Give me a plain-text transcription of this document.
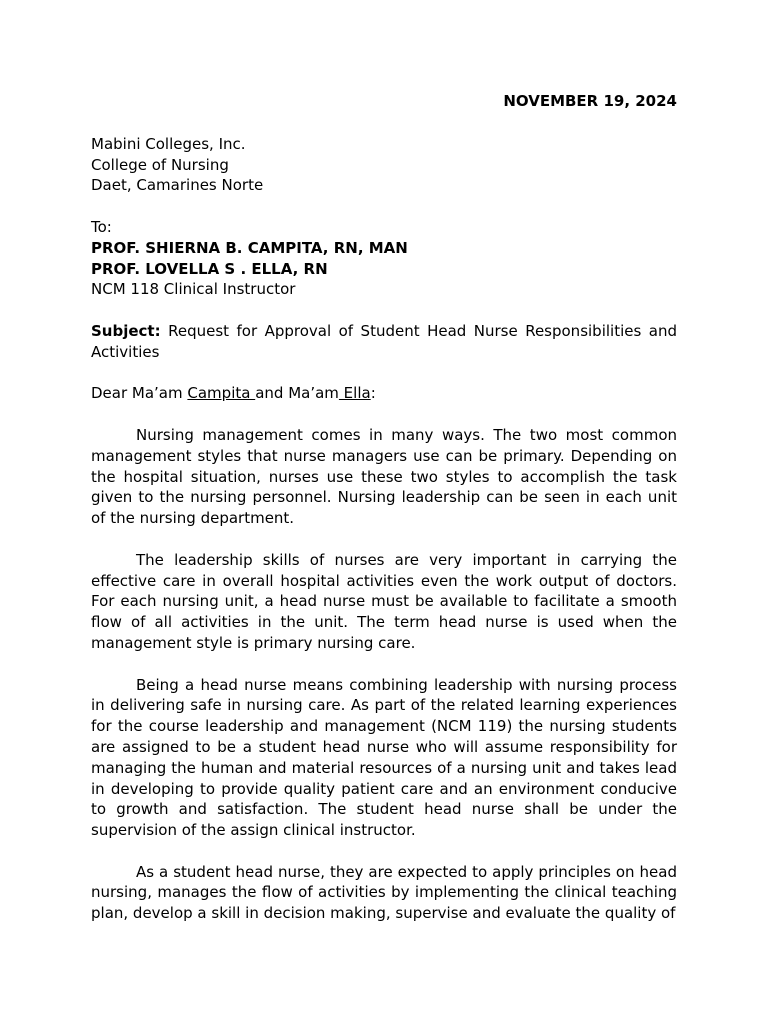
NOVEMBER 19, 2024

Mabini Colleges, Inc.
College of Nursing
Daet, Camarines Norte

To:
PROF. SHIERNA B. CAMPITA, RN, MAN
PROF. LOVELLA S . ELLA, RN
NCM 118 Clinical Instructor

Subject: Request for Approval of Student Head Nurse Responsibilities and Activities

Dear Ma’am Campita and Ma’am Ella:

Nursing management comes in many ways. The two most common management styles that nurse managers use can be primary. Depending on the hospital situation, nurses use these two styles to accomplish the task given to the nursing personnel. Nursing leadership can be seen in each unit of the nursing department.

The leadership skills of nurses are very important in carrying the effective care in overall hospital activities even the work output of doctors. For each nursing unit, a head nurse must be available to facilitate a smooth flow of all activities in the unit. The term head nurse is used when the management style is primary nursing care.

Being a head nurse means combining leadership with nursing process in delivering safe in nursing care. As part of the related learning experiences for the course leadership and management (NCM 119) the nursing students are assigned to be a student head nurse who will assume responsibility for managing the human and material resources of a nursing unit and takes lead in developing to provide quality patient care and an environment conducive to growth and satisfaction. The student head nurse shall be under the supervision of the assign clinical instructor.

As a student head nurse, they are expected to apply principles on head nursing, manages the flow of activities by implementing the clinical teaching plan, develop a skill in decision making, supervise and evaluate the quality of
